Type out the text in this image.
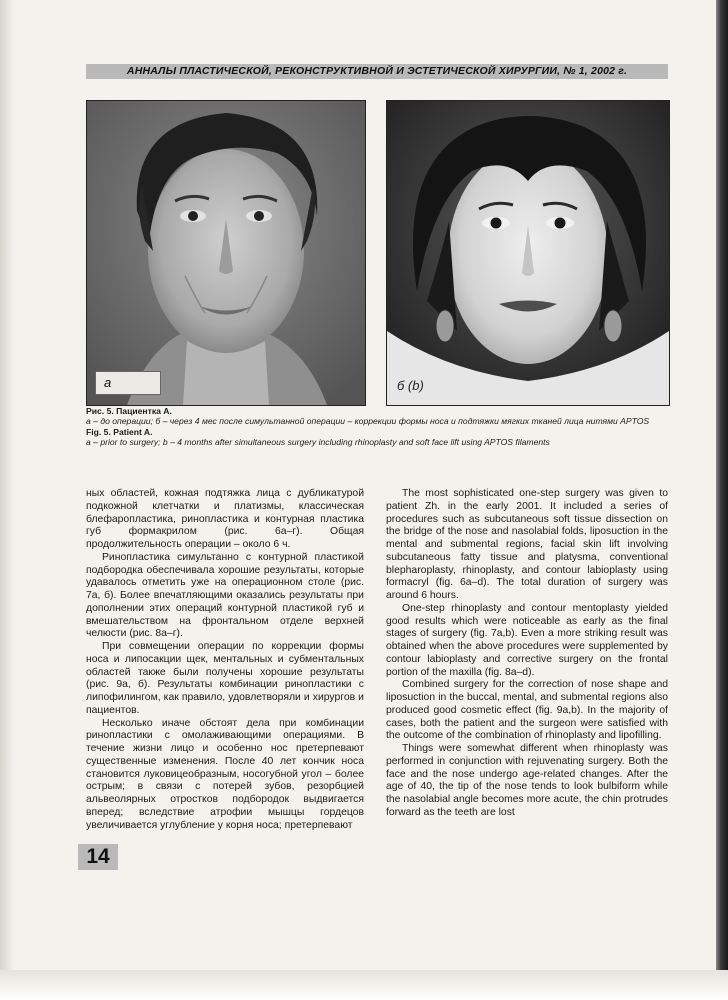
АННАЛЫ ПЛАСТИЧЕСКОЙ, РЕКОНСТРУКТИВНОЙ И ЭСТЕТИЧЕСКОЙ ХИРУРГИИ, № 1, 2002 г.
а	б (b)
Рис. 5. Пациентка А.
а – до операции; б – через 4 мес после симультанной операции – коррекции формы носа и подтяжки мягких тканей лица нитями APTOS
Fig. 5. Patient A.
a – prior to surgery; b – 4 months after simultaneous surgery including rhinoplasty and soft face lift using APTOS filaments

ных областей, кожная подтяжка лица с дубликатурой подкожной клетчатки и платизмы, классическая блефаропластика, ринопластика и контурная пластика губ формакрилом (рис. 6а–г). Общая продолжительность операции – около 6 ч.

Ринопластика симультанно с контурной пластикой подбородка обеспечивала хорошие результаты, которые удавалось отметить уже на операционном столе (рис. 7а, б). Более впечатляющими оказались результаты при дополнении этих операций контурной пластикой губ и вмешательством на фронтальном отделе верхней челюсти (рис. 8а–г).

При совмещении операции по коррекции формы носа и липосакции щек, ментальных и субментальных областей также были получены хорошие результаты (рис. 9а, б). Результаты комбинации ринопластики с липофилингом, как правило, удовлетворяли и хирургов и пациентов.

Несколько иначе обстоят дела при комбинации ринопластики с омолаживающими операциями. В течение жизни лицо и особенно нос претерпевают существенные изменения. После 40 лет кончик носа становится луковицеобразным, носогубной угол – более острым; в связи с потерей зубов, резорбцией альвеолярных отростков подбородок выдвигается вперед; вследствие атрофии мышцы гордецов увеличивается углубление у корня носа; претерпевают

The most sophisticated one-step surgery was given to patient Zh. in the early 2001. It included a series of procedures such as subcutaneous soft tissue dissection on the bridge of the nose and nasolabial folds, liposuction in the mental and submental regions, facial skin lift involving subcutaneous fatty tissue and platysma, conventional blepharoplasty, rhinoplasty, and contour labioplasty using formacryl (fig. 6a–d). The total duration of surgery was around 6 hours.

One-step rhinoplasty and contour mentoplasty yielded good results which were noticeable as early as the final stages of surgery (fig. 7a,b). Even a more striking result was obtained when the above procedures were supplemented by contour labioplasty and corrective surgery on the frontal portion of the maxilla (fig. 8a–d).

Combined surgery for the correction of nose shape and liposuction in the buccal, mental, and submental regions also produced good cosmetic effect (fig. 9a,b). In the majority of cases, both the patient and the surgeon were satisfied with the outcome of the combination of rhinoplasty and lipofilling.

Things were somewhat different when rhinoplasty was performed in conjunction with rejuvenating surgery. Both the face and the nose undergo age-related changes. After the age of 40, the tip of the nose tends to look bulbiform while the nasolabial angle becomes more acute, the chin protrudes forward as the teeth are lost

14
